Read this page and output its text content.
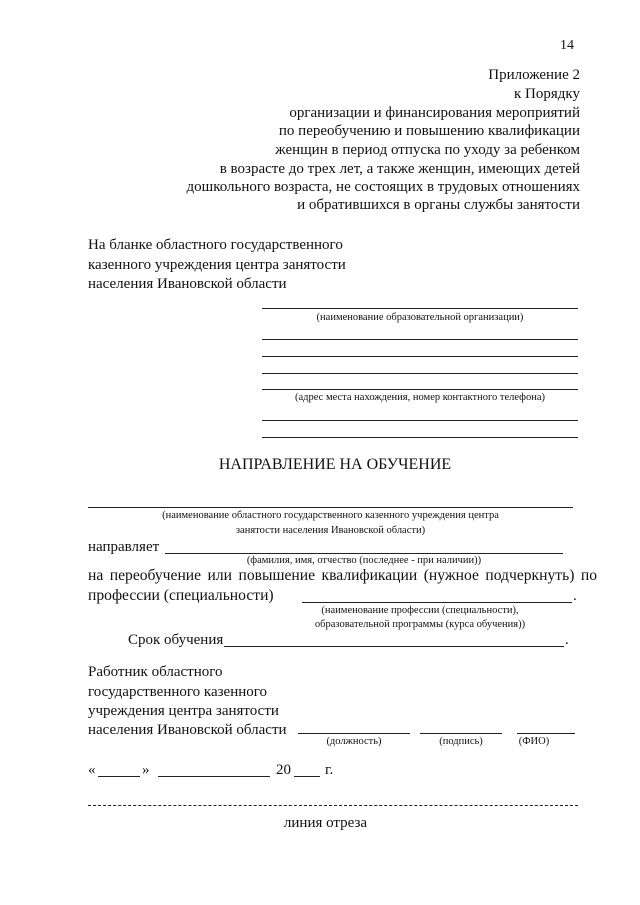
14
Приложение 2
к Порядку
организации и финансирования мероприятий
по переобучению и повышению квалификации
женщин в период отпуска по уходу за ребенком
в возрасте до трех лет, а также женщин, имеющих детей
дошкольного возраста, не состоящих в трудовых отношениях
и обратившихся в органы службы занятости
На бланке областного государственного
казенного учреждения центра занятости
населения Ивановской области
(наименование образовательной организации)
(адрес места нахождения, номер контактного телефона)
НАПРАВЛЕНИЕ НА ОБУЧЕНИЕ
(наименование областного государственного казенного учреждения центра
занятости населения Ивановской области)
направляет
(фамилия, имя, отчество (последнее - при наличии))
на переобучение или повышение квалификации (нужное подчеркнуть) по
профессии (специальности)	.
(наименование профессии (специальности),
образовательной программы (курса обучения))
Срок обучения	.
Работник областного
государственного казенного
учреждения центра занятости
населения Ивановской области
(должность)	(подпись)	(ФИО)
«	»	20 г.
линия отреза
